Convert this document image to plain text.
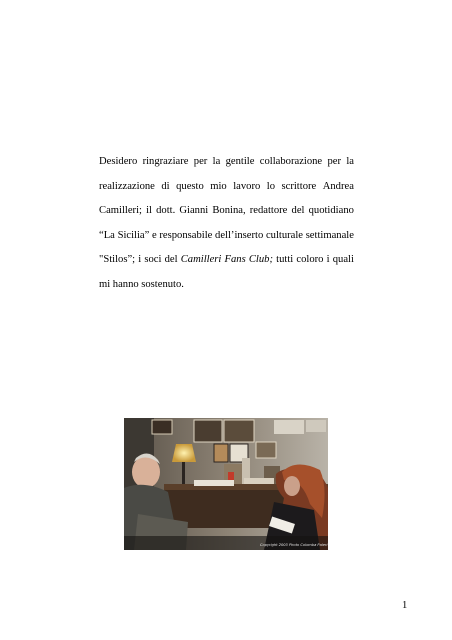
Desidero ringraziare per la gentile collaborazione per la
realizzazione di questo mio lavoro lo scrittore Andrea
Camilleri; il dott. Gianni Bonina, redattore del quotidiano
“La Sicilia” e responsabile dell’inserto culturale settimanale
"Stilos”; i soci del Camilleri Fans Club; tutti coloro i quali
mi hanno sostenuto.
Copyright 2003 Photo Colomba Paleri
1
